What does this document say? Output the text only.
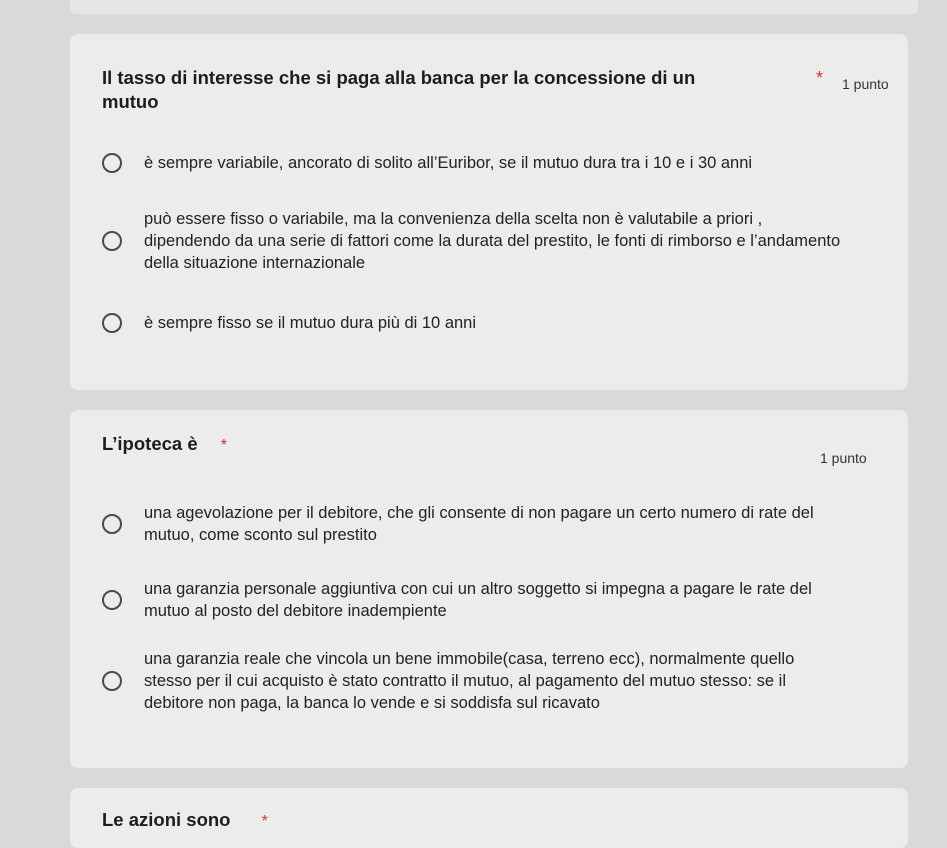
Il tasso di interesse che si paga alla banca per la concessione di un mutuo
* 1 punto
è sempre variabile, ancorato di solito all’Euribor, se il mutuo dura tra i 10 e i 30 anni
può essere fisso o variabile, ma la convenienza della scelta non è valutabile a priori , dipendendo da una serie di fattori come la durata del prestito, le fonti di rimborso e l’andamento della situazione internazionale
è sempre fisso se il mutuo dura più di 10 anni
L’ipoteca è *
1 punto
una agevolazione per il debitore, che gli consente di non pagare un certo numero di rate del mutuo, come sconto sul prestito
una garanzia personale aggiuntiva con cui un altro soggetto si impegna a pagare le rate del mutuo al posto del debitore inadempiente
una garanzia reale che vincola un bene immobile(casa, terreno ecc), normalmente quello stesso per il cui acquisto è stato contratto il mutuo, al pagamento del mutuo stesso: se il debitore non paga, la banca lo vende e si soddisfa sul ricavato
Le azioni sono *
